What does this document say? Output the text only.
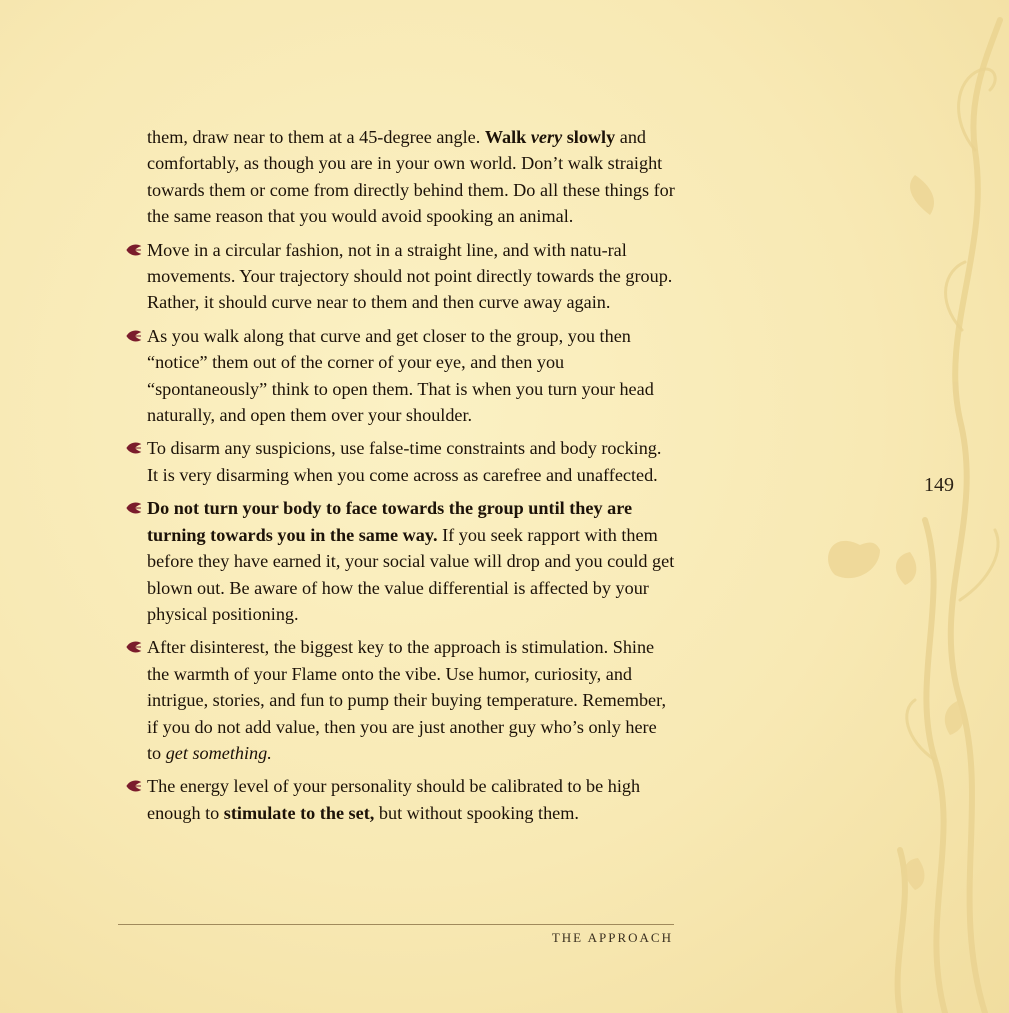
them, draw near to them at a 45-degree angle. Walk very slowly and comfortably, as though you are in your own world. Don’t walk straight towards them or come from directly behind them. Do all these things for the same reason that you would avoid spooking an animal.

Move in a circular fashion, not in a straight line, and with natu-ral movements. Your trajectory should not point directly towards the group. Rather, it should curve near to them and then curve away again.

As you walk along that curve and get closer to the group, you then “notice” them out of the corner of your eye, and then you “spontaneously” think to open them. That is when you turn your head naturally, and open them over your shoulder.

To disarm any suspicions, use false-time constraints and body rocking. It is very disarming when you come across as carefree and unaffected.

Do not turn your body to face towards the group until they are turning towards you in the same way. If you seek rapport with them before they have earned it, your social value will drop and you could get blown out. Be aware of how the value differential is affected by your physical positioning.

After disinterest, the biggest key to the approach is stimulation. Shine the warmth of your Flame onto the vibe. Use humor, curiosity, and intrigue, stories, and fun to pump their buying temperature. Remember, if you do not add value, then you are just another guy who’s only here to get something.

The energy level of your personality should be calibrated to be high enough to stimulate to the set, but without spooking them.

149
THE APPROACH
